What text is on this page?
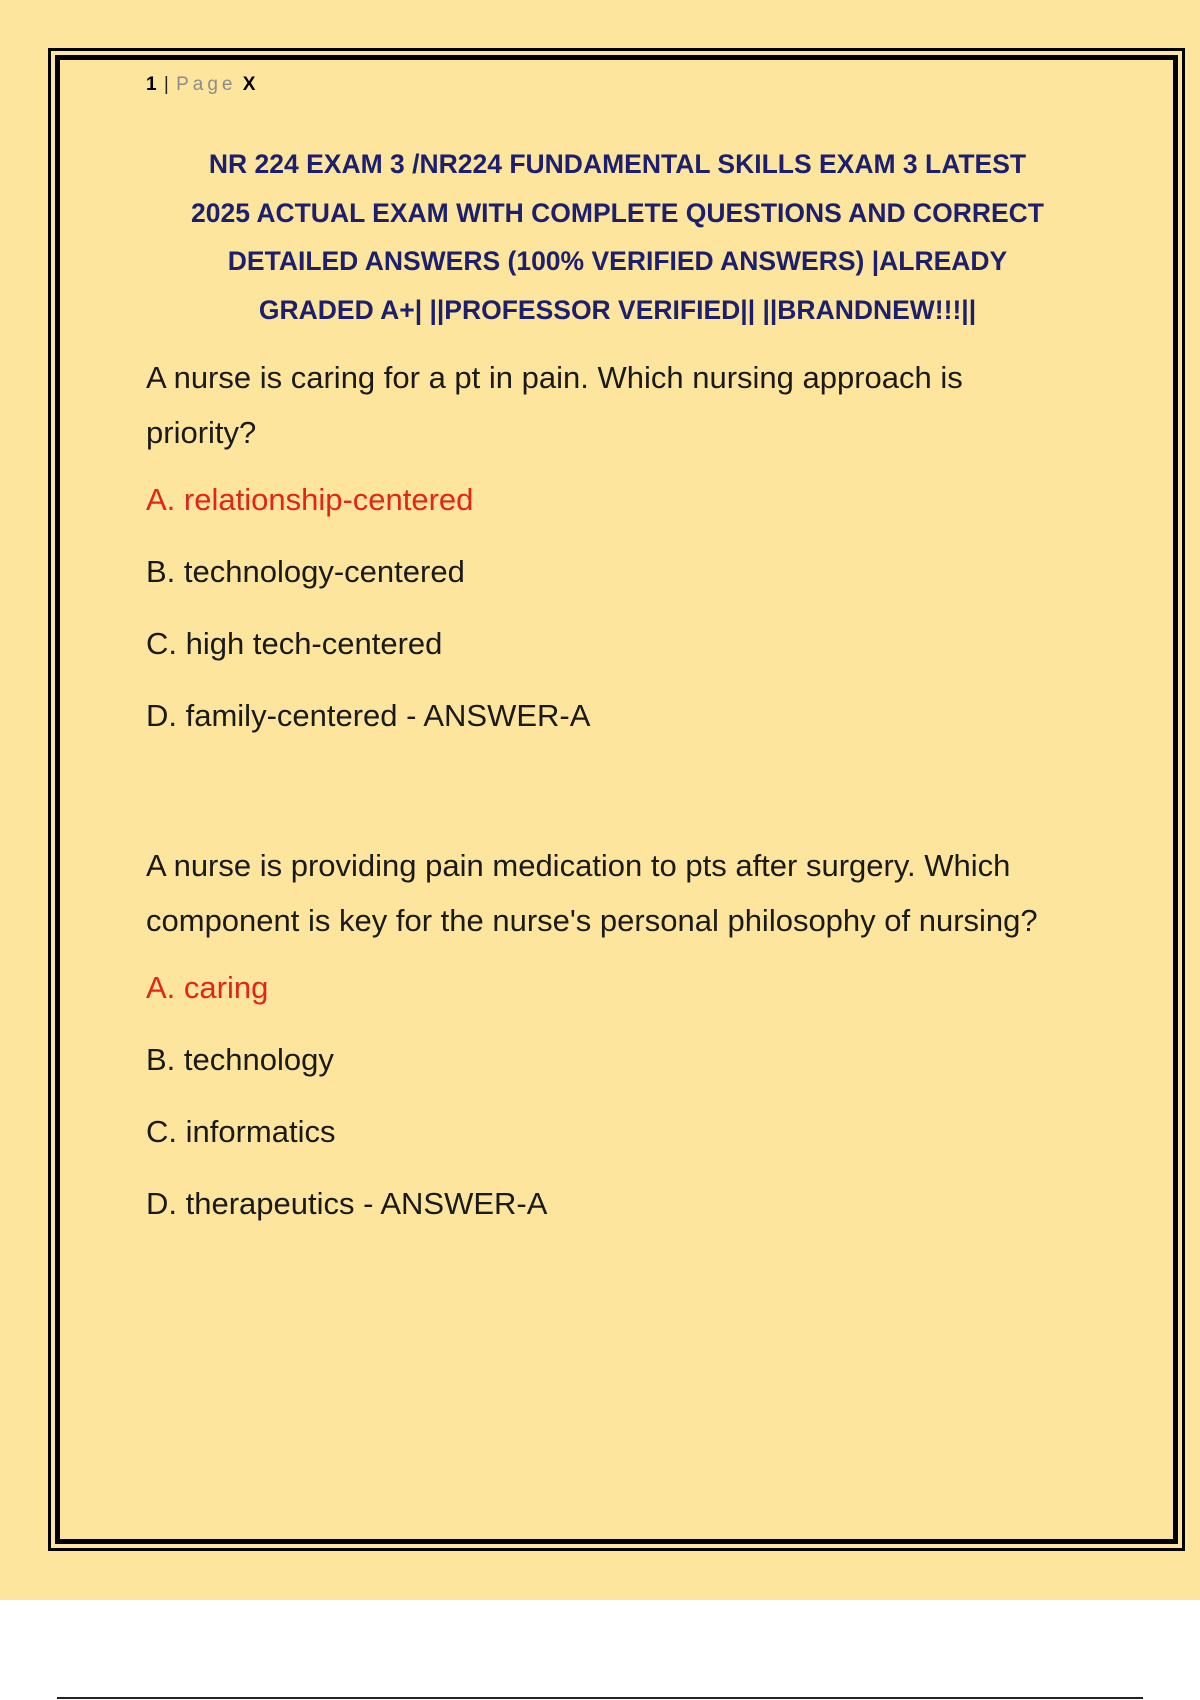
1 | Page X
NR 224 EXAM 3 /NR224 FUNDAMENTAL SKILLS EXAM 3 LATEST
2025 ACTUAL EXAM WITH COMPLETE QUESTIONS AND CORRECT
DETAILED ANSWERS (100% VERIFIED ANSWERS) |ALREADY
GRADED A+| ||PROFESSOR VERIFIED|| ||BRANDNEW!!!||

A nurse is caring for a pt in pain. Which nursing approach is
priority?

A. relationship-centered
B. technology-centered
C. high tech-centered
D. family-centered - ANSWER-A

A nurse is providing pain medication to pts after surgery. Which
component is key for the nurse's personal philosophy of nursing?

A. caring
B. technology
C. informatics
D. therapeutics - ANSWER-A
